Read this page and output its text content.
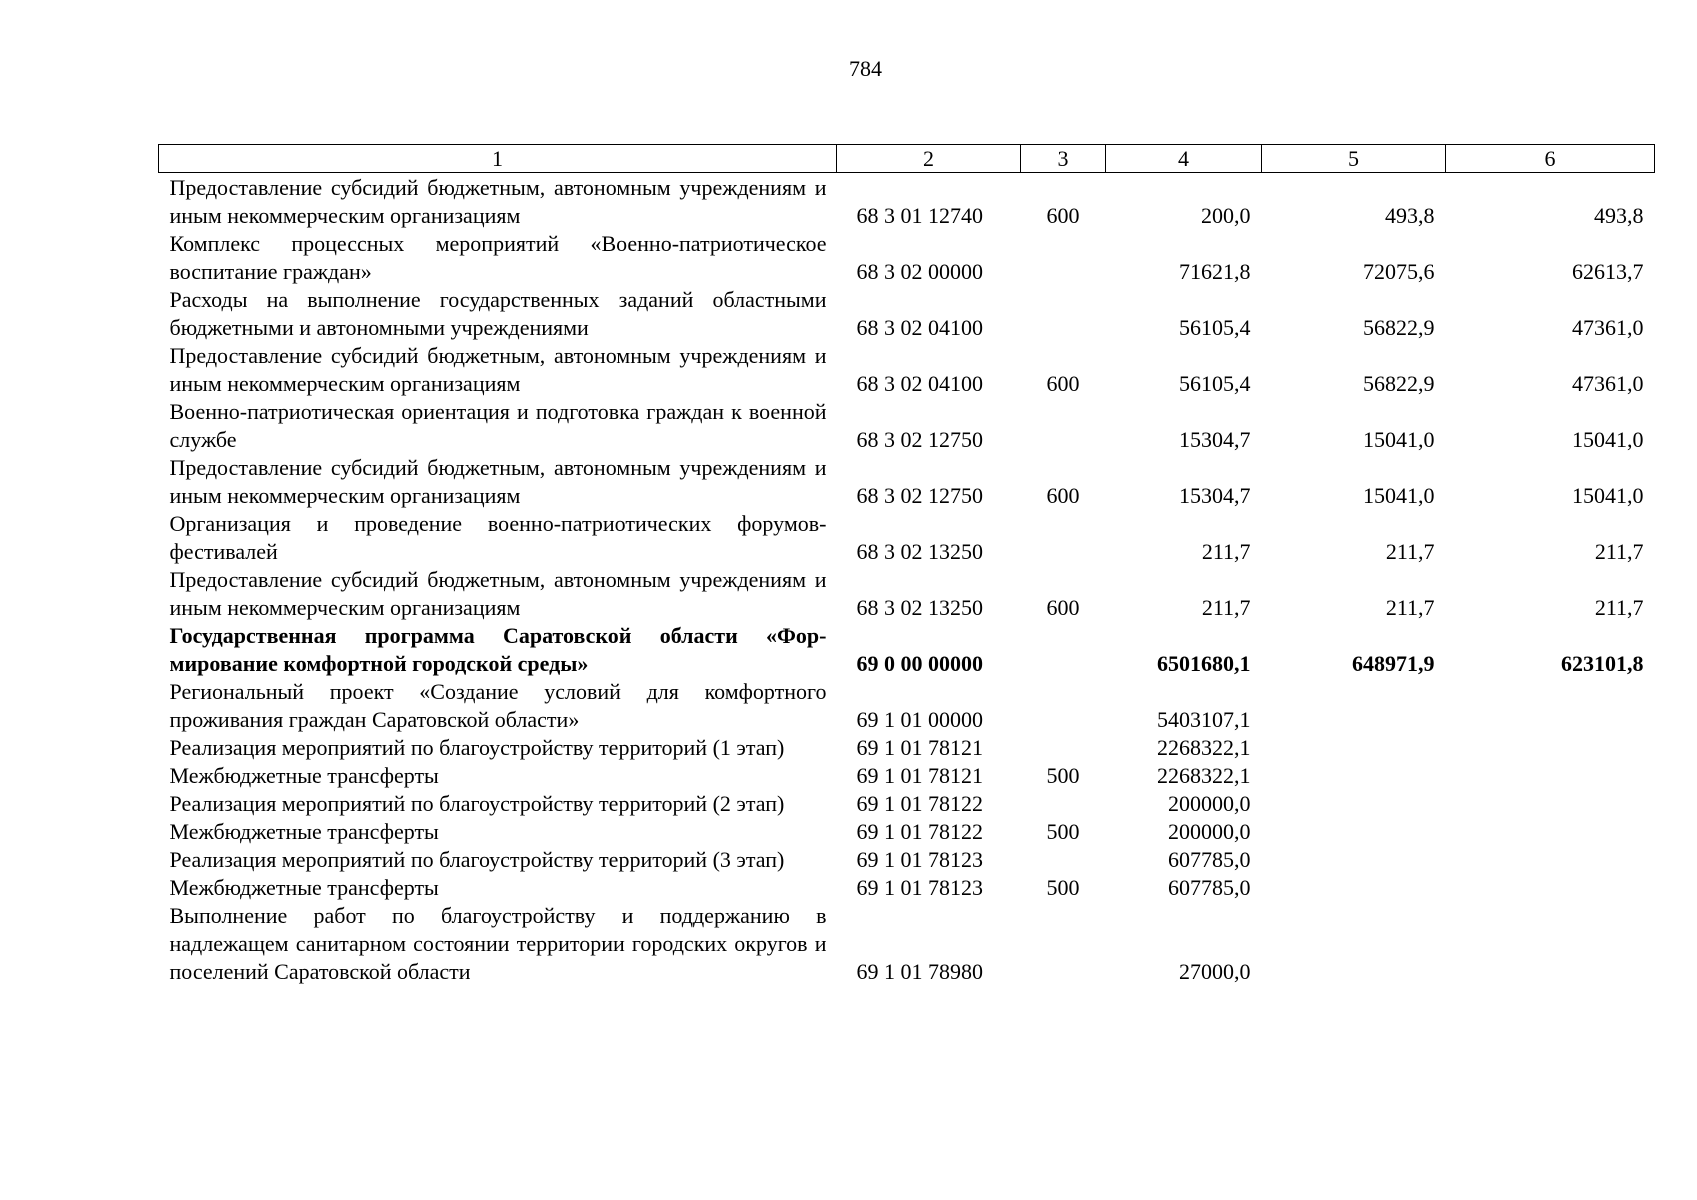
784
1	2	3	4	5	6
Предоставление субсидий бюджетным, автономным учреждениям и иным некоммерческим организациям	68 3 01 12740	600	200,0	493,8	493,8
Комплекс процессных мероприятий «Военно-патриотическое воспитание граждан»	68 3 02 00000		71621,8	72075,6	62613,7
Расходы на выполнение государственных заданий областными бюджетными и автономными учреждениями	68 3 02 04100		56105,4	56822,9	47361,0
Предоставление субсидий бюджетным, автономным учреждениям и иным некоммерческим организациям	68 3 02 04100	600	56105,4	56822,9	47361,0
Военно-патриотическая ориентация и подготовка граждан к военной службе	68 3 02 12750		15304,7	15041,0	15041,0
Предоставление субсидий бюджетным, автономным учреждениям и иным некоммерческим организациям	68 3 02 12750	600	15304,7	15041,0	15041,0
Организация и проведение военно-патриотических форумов-фестивалей	68 3 02 13250		211,7	211,7	211,7
Предоставление субсидий бюджетным, автономным учреждениям и иным некоммерческим организациям	68 3 02 13250	600	211,7	211,7	211,7
Государственная программа Саратовской области «Формирование комфортной городской среды»	69 0 00 00000		6501680,1	648971,9	623101,8
Региональный проект «Создание условий для комфортного проживания граждан Саратовской области»	69 1 01 00000		5403107,1		
Реализация мероприятий по благоустройству территорий (1 этап)	69 1 01 78121		2268322,1		
Межбюджетные трансферты	69 1 01 78121	500	2268322,1		
Реализация мероприятий по благоустройству территорий (2 этап)	69 1 01 78122		200000,0		
Межбюджетные трансферты	69 1 01 78122	500	200000,0		
Реализация мероприятий по благоустройству территорий (3 этап)	69 1 01 78123		607785,0		
Межбюджетные трансферты	69 1 01 78123	500	607785,0		
Выполнение работ по благоустройству и поддержанию в надлежащем санитарном состоянии территории городских округов и поселений Саратовской области	69 1 01 78980		27000,0		
